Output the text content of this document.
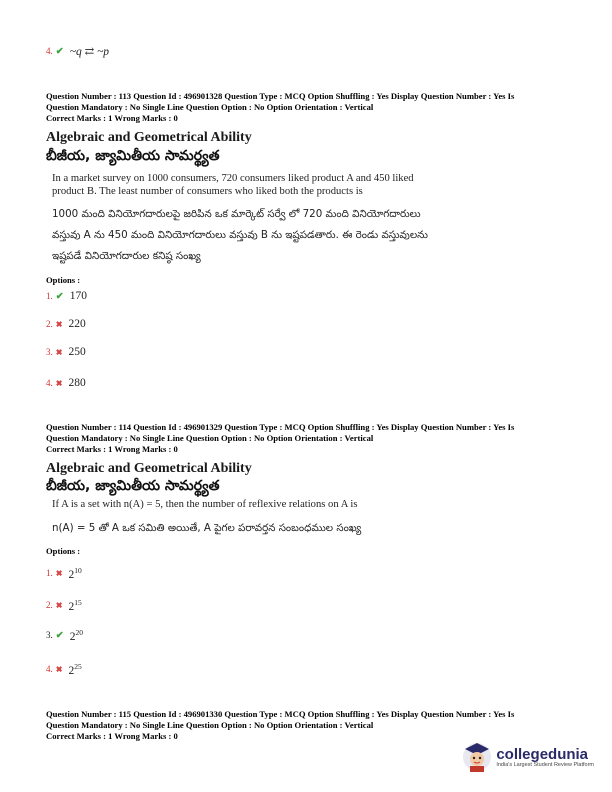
4. ✔ ~q ⇄ ~p
Question Number : 113 Question Id : 496901328 Question Type : MCQ Option Shuffling : Yes Display Question Number : Yes Is
Question Mandatory : No Single Line Question Option : No Option Orientation : Vertical
Correct Marks : 1 Wrong Marks : 0
Algebraic and Geometrical Ability
బీజీయ, జ్యామితీయ సామర్థ్యత
In a market survey on 1000 consumers, 720 consumers liked product A and 450 liked product B. The least number of consumers who liked both the products is
1000 మంది వినియోగదారులపై జరిపిన ఒక మార్కెట్ సర్వే లో 720 మంది వినియోగదారులు
వస్తువు A ను 450 మంది వినియోగదారులు వస్తువు B ను ఇష్టపడతారు. ఈ రెండు వస్తువులను
ఇష్టపడే వినియోగదారుల కనిష్ఠ సంఖ్య
Options :
1. ✔ 170
2. ✖ 220
3. ✖ 250
4. ✖ 280
Question Number : 114 Question Id : 496901329 Question Type : MCQ Option Shuffling : Yes Display Question Number : Yes Is
Question Mandatory : No Single Line Question Option : No Option Orientation : Vertical
Correct Marks : 1 Wrong Marks : 0
Algebraic and Geometrical Ability
బీజీయ, జ్యామితీయ సామర్థ్యత
If A is a set with n(A) = 5, then the number of reflexive relations on A is
n(A) = 5 తో A ఒక సమితి అయితే, A పైగల పరావర్తన సంబంధముల సంఖ్య
Options :
1. ✖ $2^{10}$
2. ✖ $2^{15}$
3. ✔ $2^{20}$
4. ✖ $2^{25}$
Question Number : 115 Question Id : 496901330 Question Type : MCQ Option Shuffling : Yes Display Question Number : Yes Is
Question Mandatory : No Single Line Question Option : No Option Orientation : Vertical
Correct Marks : 1 Wrong Marks : 0
collegedunia
India's Largest Student Review Platform
